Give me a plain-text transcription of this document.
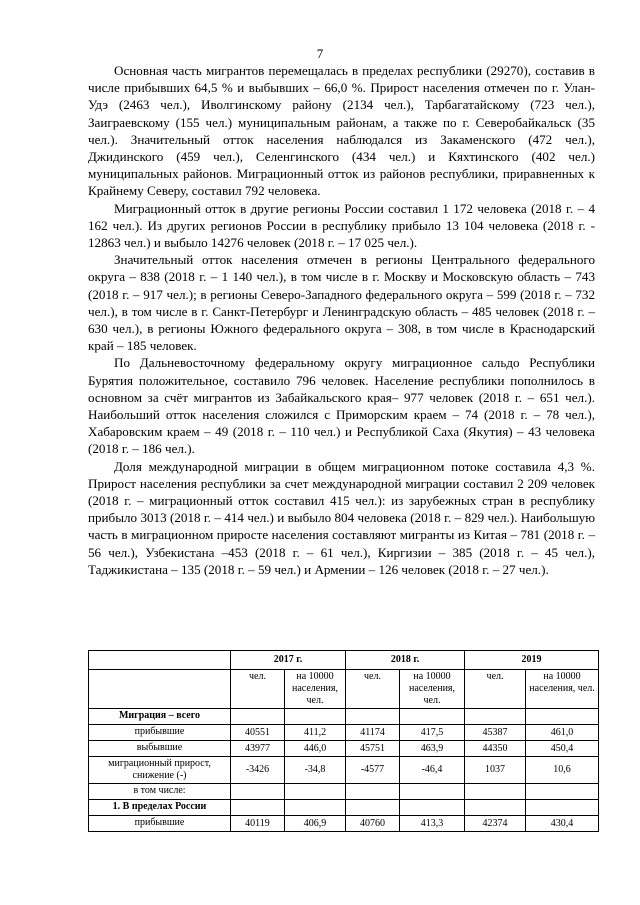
7

Основная часть мигрантов перемещалась в пределах республики (29270), составив в числе прибывших 64,5 % и выбывших – 66,0 %. Прирост населения отмечен по г. Улан-Удэ (2463 чел.), Иволгинскому району (2134 чел.), Тарбагатайскому (723 чел.), Заиграевскому (155 чел.) муниципальным районам, а также по г. Северобайкальск (35 чел.). Значительный отток населения наблюдался из Закаменского (472 чел.), Джидинского (459 чел.), Селенгинского (434 чел.) и Кяхтинского (402 чел.) муниципальных районов. Миграционный отток из районов республики, приравненных к Крайнему Северу, составил 792 человека.

Миграционный отток в другие регионы России составил 1 172 человека (2018 г. – 4 162 чел.). Из других регионов России в республику прибыло 13 104 человека (2018 г. - 12863 чел.) и выбыло 14276 человек (2018 г. – 17 025 чел.).

Значительный отток населения отмечен в регионы Центрального федерального округа – 838 (2018 г. – 1 140 чел.), в том числе в г. Москву и Московскую область – 743 (2018 г. – 917 чел.); в регионы Северо-Западного федерального округа – 599 (2018 г. – 732 чел.), в том числе в г. Санкт-Петербург и Ленинградскую область – 485 человек (2018 г. – 630 чел.), в регионы Южного федерального округа – 308, в том числе в Краснодарский край – 185 человек.

По Дальневосточному федеральному округу миграционное сальдо Республики Бурятия положительное, составило 796 человек. Население республики пополнилось в основном за счёт мигрантов из Забайкальского края– 977 человек (2018 г. – 651 чел.). Наибольший отток населения сложился с Приморским краем – 74 (2018 г. – 78 чел.), Хабаровским краем – 49 (2018 г. – 110 чел.) и Республикой Саха (Якутия) – 43 человека (2018 г. – 186 чел.).

Доля международной миграции в общем миграционном потоке составила 4,3 %. Прирост населения республики за счет международной миграции составил 2 209 человек (2018 г. – миграционный отток составил 415 чел.): из зарубежных стран в республику прибыло 3013 (2018 г. – 414 чел.) и выбыло 804 человека (2018 г. – 829 чел.). Наибольшую часть в миграционном приросте населения составляют мигранты из Китая – 781 (2018 г. – 56 чел.), Узбекистана –453 (2018 г. – 61 чел.), Киргизии – 385 (2018 г. – 45 чел.), Таджикистана – 135 (2018 г. – 59 чел.) и Армении – 126 человек (2018 г. – 27 чел.).

	2017 г.		2018 г.		2019	
	чел.	на 10000 населения, чел.	чел.	на 10000 населения, чел.	чел.	на 10000 населения, чел.
Миграция – всего						
прибывшие	40551	411,2	41174	417,5	45387	461,0
выбывшие	43977	446,0	45751	463,9	44350	450,4
миграционный прирост, снижение (-)	-3426	-34,8	-4577	-46,4	1037	10,6
в том числе:						
1. В пределах России						
прибывшие	40119	406,9	40760	413,3	42374	430,4
